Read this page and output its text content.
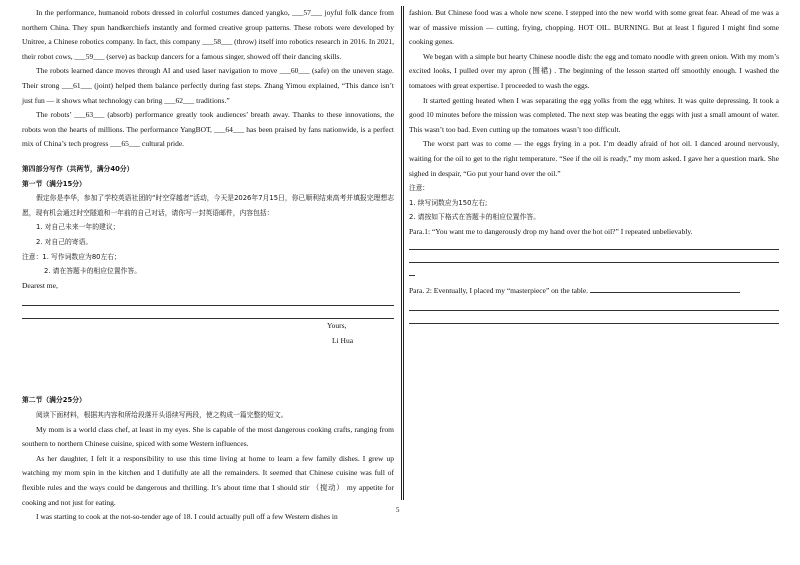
In the performance, humanoid robots dressed in colorful costumes danced yangko, ___57___ joyful folk dance from northern China. They spun handkerchiefs instantly and formed creative group patterns. These robots were developed by Unitree, a Chinese robotics company. In fact, this company ___58___ (throw) itself into robotics research in 2016. In 2021, their robot cows, ___59___ (serve) as backup dancers for a famous singer, showed off their dancing skills.

The robots learned dance moves through AI and used laser navigation to move ___60___ (safe) on the uneven stage. Their strong ___61___ (joint) helped them balance perfectly during fast steps. Zhang Yimou explained, “This dance isn’t just fun — it shows what technology can bring ___62___ traditions.”

The robots’ ___63___ (absorb) performance greatly took audiences’ breath away. Thanks to these innovations, the robots won the hearts of millions. The performance YangBOT, ___64___ has been praised by fans nationwide, is a perfect mix of China’s tech progress ___65___ cultural pride.

第四部分写作（共两节，满分40分）

第一节（满分15分）

假定你是李华，参加了学校英语社团的“时空穿越者”活动，今天是2026年7月15日，你已顺利结束高考并填报完理想志愿，现有机会通过时空隧道和一年前的自己对话，请你写一封英语邮件，内容包括：

1. 对自己未来一年的建议；

2. 对自己的寄语。

注意：1. 写作词数应为80左右；

2. 请在答题卡的相应位置作答。

Dearest me,

Yours,

Li Hua

第二节（满分25分）

阅读下面材料，根据其内容和所给段落开头语续写两段，使之构成一篇完整的短文。

My mom is a world class chef, at least in my eyes. She is capable of the most dangerous cooking crafts, ranging from southern to northern Chinese cuisine, spiced with some Western influences.

As her daughter, I felt it a responsibility to use this time living at home to learn a few family dishes. I grew up watching my mom spin in the kitchen and I dutifully ate all the remainders. It seemed that Chinese cuisine was full of flexible rules and the ways could be dangerous and thrilling. It’s about time that I should stir （搅动） my appetite for cooking and not just for eating.

I was starting to cook at the not-so-tender age of 18. I could actually pull off a few Western dishes in

fashion. But Chinese food was a whole new scene. I stepped into the new world with some great fear. Ahead of me was a war of massive mission — cutting, frying, chopping. HOT OIL. BURNING. But at least I figured I might find some cooking genes.

We began with a simple but hearty Chinese noodle dish: the egg and tomato noodle with green onion. With my mom’s excited looks, I pulled over my apron (围裙) . The beginning of the lesson started off smoothly enough. I washed the tomatoes with great expertise. I proceeded to wash the eggs.

It started getting heated when I was separating the egg yolks from the egg whites. It was quite depressing. It took a good 10 minutes before the mission was completed. The next step was beating the eggs with just a small amount of water. This wasn’t too bad. Even cutting up the tomatoes wasn’t too difficult.

The worst part was to come — the eggs frying in a pot. I’m deadly afraid of hot oil. I danced around nervously, waiting for the oil to get to the right temperature. “See if the oil is ready,” my mom asked. I gave her a question mark. She sighed in despair, “Go put your hand over the oil.”

注意:

1. 续写词数应为150左右;

2. 请按如下格式在答题卡的相应位置作答。

Para.1: “You want me to dangerously drop my hand over the hot oil?” I repeated unbelievably.

Para. 2: Eventually, I placed my “masterpiece” on the table.

5
